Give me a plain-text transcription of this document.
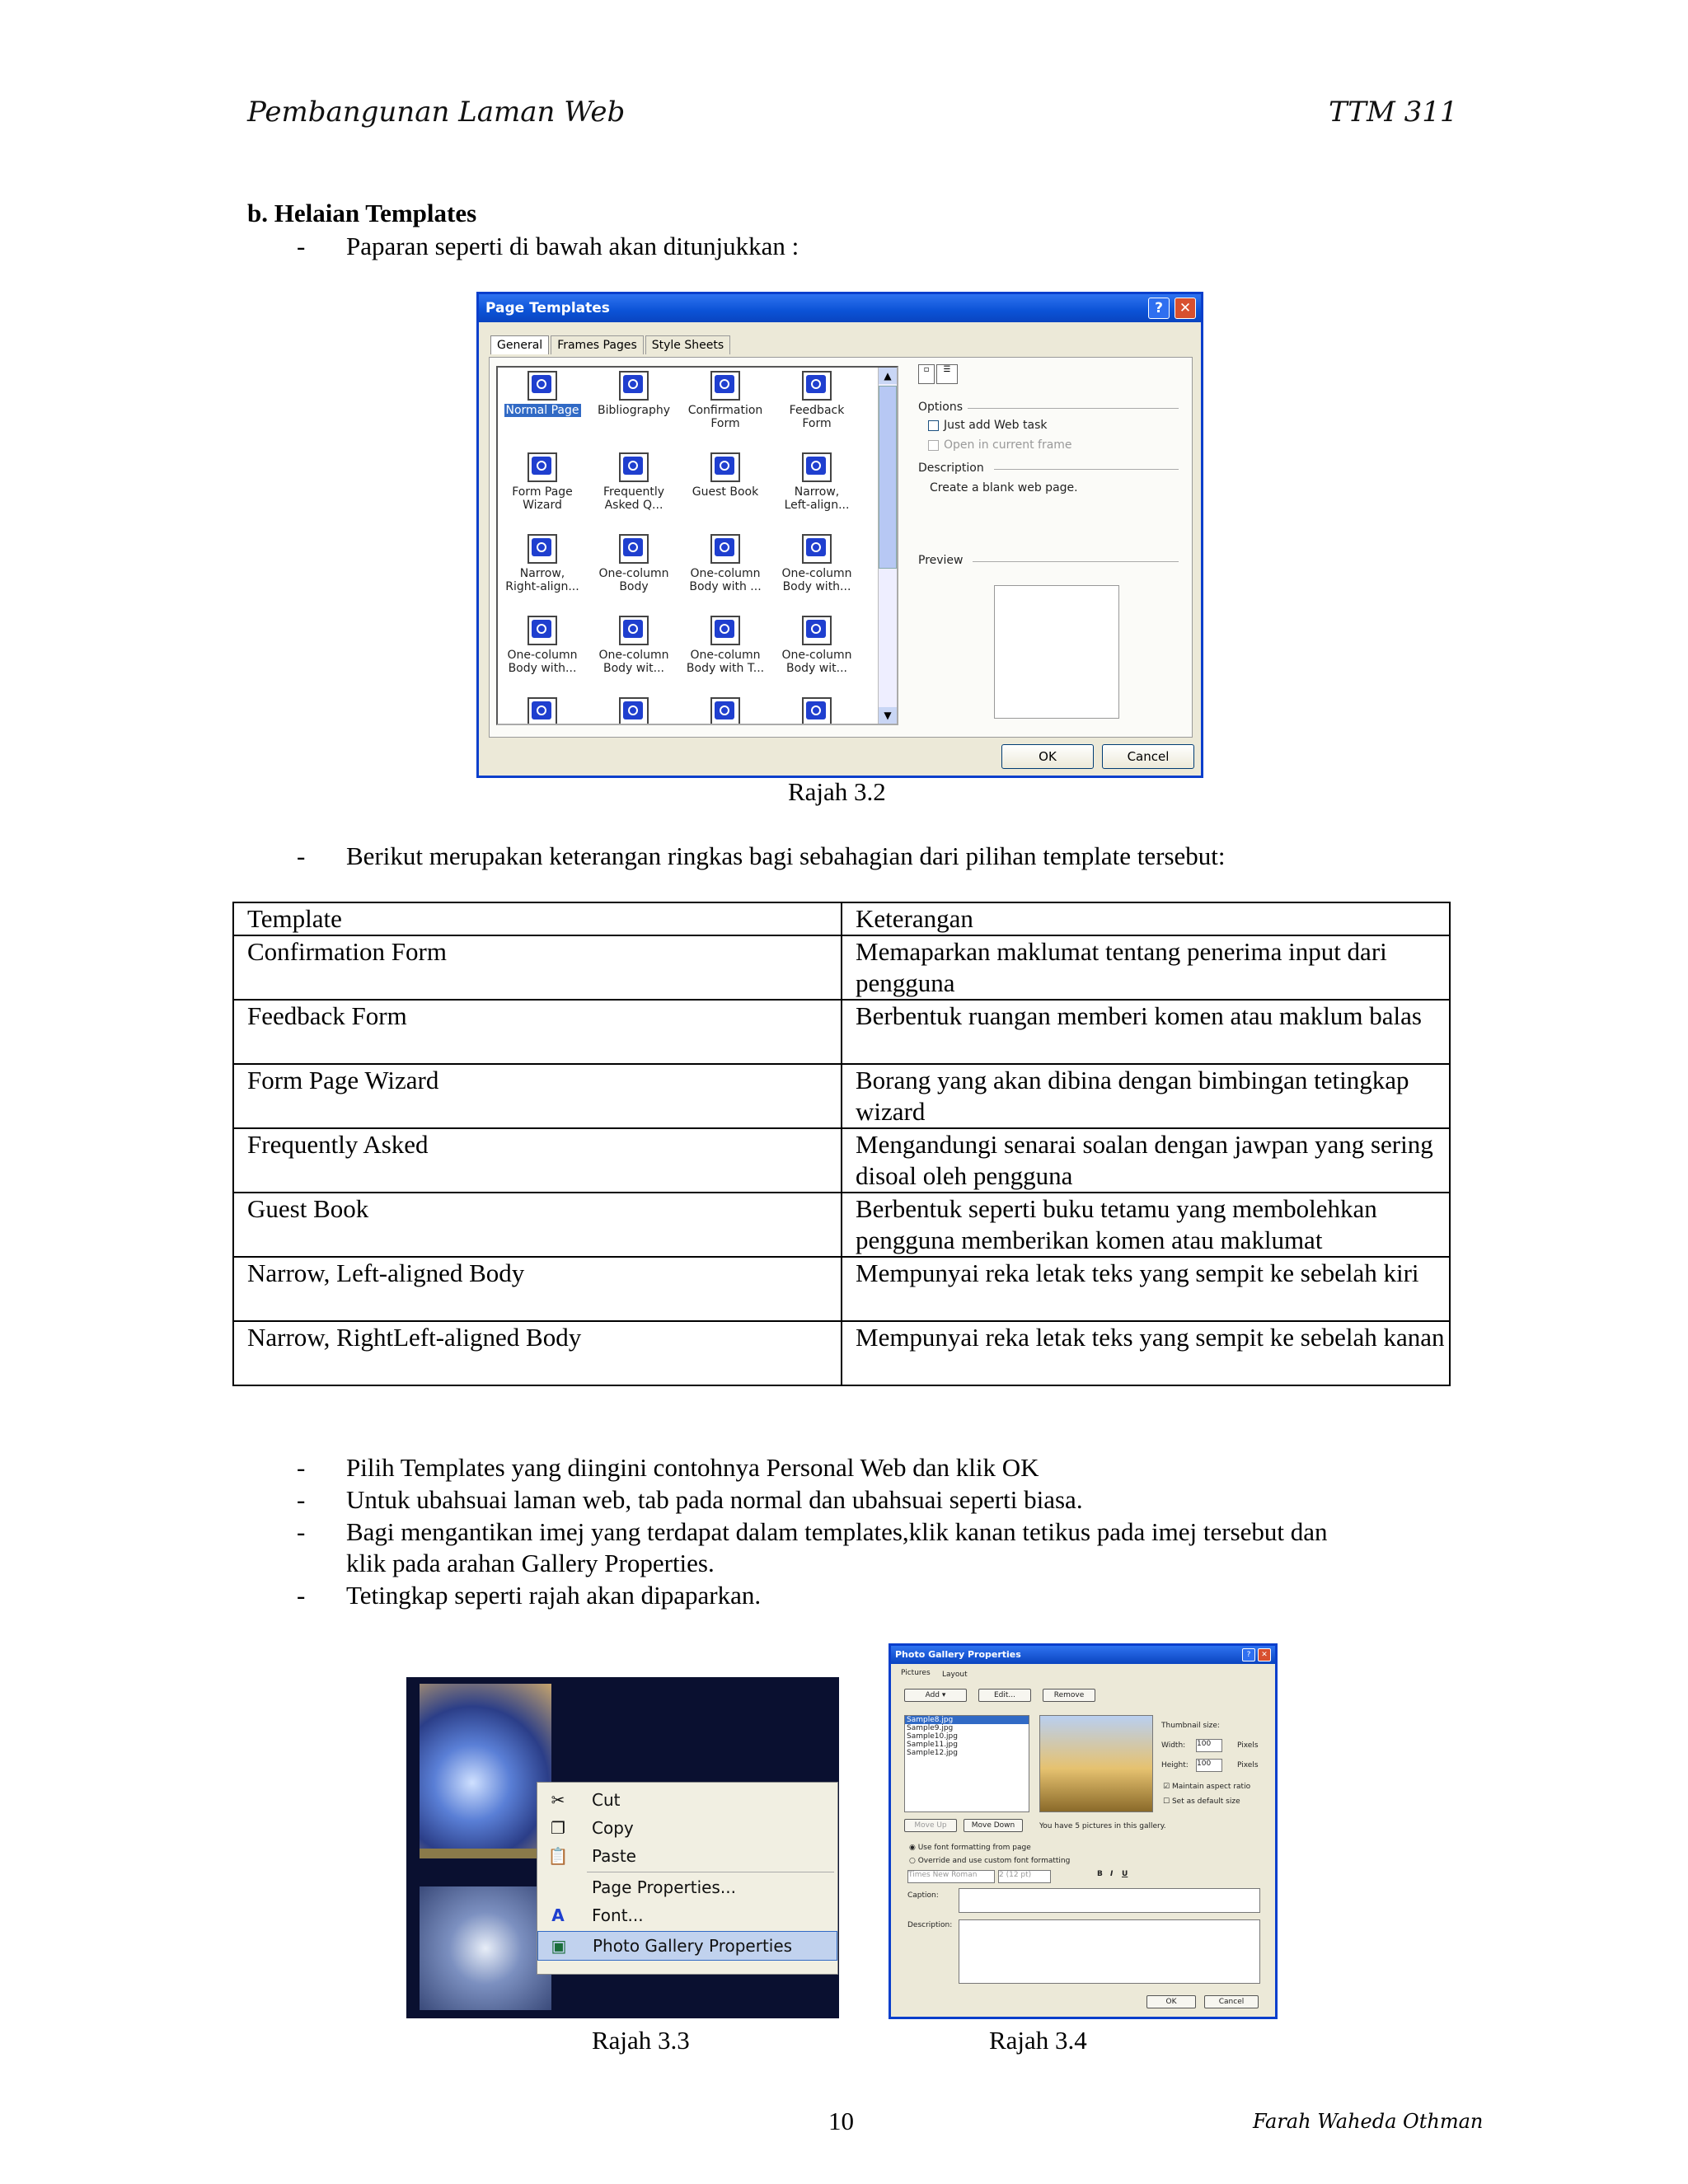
Pembangunan Laman Web	TTM 311
b. Helaian Templates
- Paparan seperti di bawah akan ditunjukkan :
Page Templates	?	✕
General Frames Pages Style Sheets
▲
▼
Normal Page	Bibliography	Confirmation
Form
Feedback
Form
Form Page
Wizard
Frequently
Asked Q...
Guest Book	Narrow,
Left-align...
Narrow,
Right-align...
One-column
Body
One-column
Body with ...
One-column
Body with...
One-column
Body with...
One-column
Body wit...
One-column
Body with T...
One-column
Body wit...
▫	☰
Options
Just add Web task
Open in current frame
Description
Create a blank web page.
Preview
OK	Cancel
Rajah 3.2
- Berikut merupakan keterangan ringkas bagi sebahagian dari pilihan template tersebut:
Template	Keterangan
Confirmation Form	Memaparkan maklumat tentang penerima input dari pengguna
Feedback Form	Berbentuk ruangan memberi komen atau maklum balas
Form Page Wizard	Borang yang akan dibina dengan bimbingan tetingkap wizard
Frequently Asked	Mengandungi senarai soalan dengan jawpan yang sering disoal oleh pengguna
Guest Book	Berbentuk seperti buku tetamu yang membolehkan pengguna memberikan komen atau maklumat
Narrow, Left-aligned Body	Mempunyai reka letak teks yang sempit ke sebelah kiri
Narrow, RightLeft-aligned Body	Mempunyai reka letak teks yang sempit ke sebelah kanan
- Pilih Templates yang diingini contohnya Personal Web dan klik OK
- Untuk ubahsuai laman web, tab pada normal dan ubahsuai seperti biasa.
- Bagi mengantikan imej yang terdapat dalam templates,klik kanan tetikus pada imej tersebut dan
klik pada arahan Gallery Properties.
- Tetingkap seperti rajah akan dipaparkan.
✂ Cut
❐ Copy
📋 Paste
Page Properties...
A Font...
▣ Photo Gallery Properties
Photo Gallery Properties	?	✕
Pictures Layout
Add ▾	Edit...	Remove
Sample8.jpg
Sample9.jpg
Sample10.jpg
Sample11.jpg
Sample12.jpg
Thumbnail size:
Width: 100	Pixels
Height: 100	Pixels
☑ Maintain aspect ratio
☐ Set as default size
Move Up	Move Down	You have 5 pictures in this gallery.
◉ Use font formatting from page
○ Override and use custom font formatting
Times New Roman	2 (12 pt)	B I U
Caption:
Description:
OK	Cancel
Rajah 3.3	Rajah 3.4
10	Farah Waheda Othman
